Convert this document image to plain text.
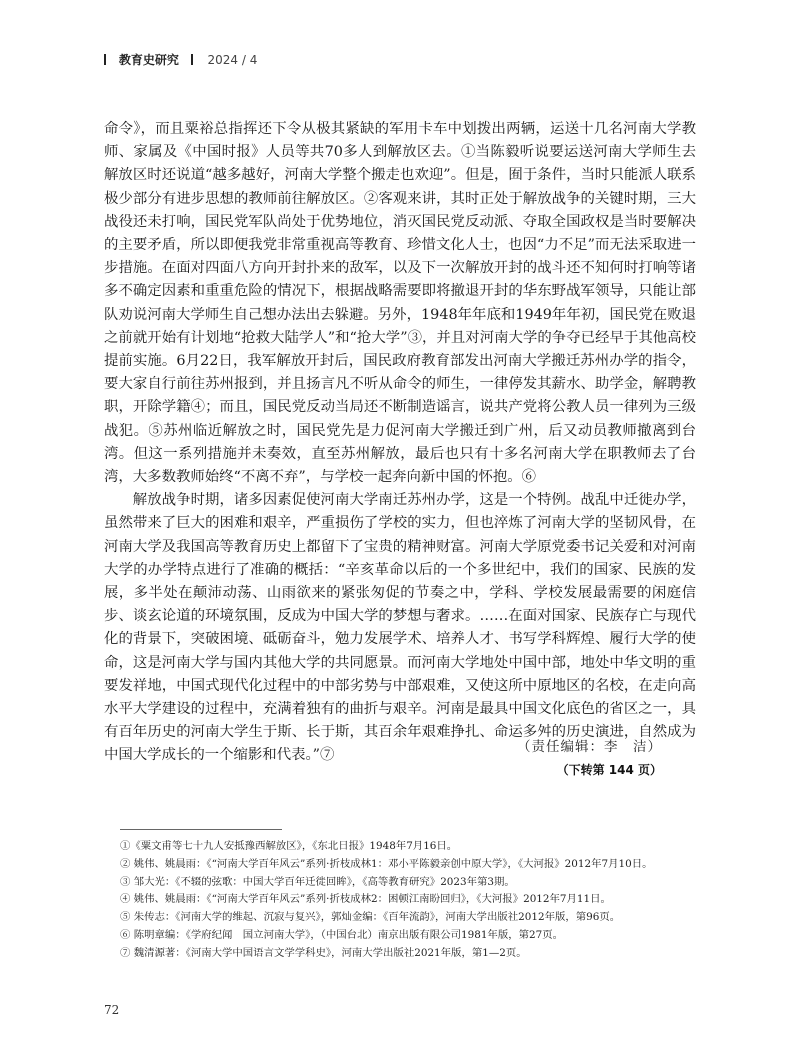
教育史研究 2024 / 4

命令》，而且粟裕总指挥还下令从极其紧缺的军用卡车中划拨出两辆，运送十几名河南大学教师、家属及《中国时报》人员等共70多人到解放区去。①当陈毅听说要运送河南大学师生去解放区时还说道“越多越好，河南大学整个搬走也欢迎”。但是，囿于条件，当时只能派人联系极少部分有进步思想的教师前往解放区。②客观来讲，其时正处于解放战争的关键时期，三大战役还未打响，国民党军队尚处于优势地位，消灭国民党反动派、夺取全国政权是当时要解决的主要矛盾，所以即便我党非常重视高等教育、珍惜文化人士，也因“力不足”而无法采取进一步措施。在面对四面八方向开封扑来的敌军，以及下一次解放开封的战斗还不知何时打响等诸多不确定因素和重重危险的情况下，根据战略需要即将撤退开封的华东野战军领导，只能让部队劝说河南大学师生自己想办法出去躲避。另外，1948年年底和1949年年初，国民党在败退之前就开始有计划地“抢救大陆学人”和“抢大学”③，并且对河南大学的争夺已经早于其他高校提前实施。6月22日，我军解放开封后，国民政府教育部发出河南大学搬迁苏州办学的指令，要大家自行前往苏州报到，并且扬言凡不听从命令的师生，一律停发其薪水、助学金，解聘教职，开除学籍④；而且，国民党反动当局还不断制造谣言，说共产党将公教人员一律列为三级战犯。⑤苏州临近解放之时，国民党先是力促河南大学搬迁到广州，后又动员教师撤离到台湾。但这一系列措施并未奏效，直至苏州解放，最后也只有十多名河南大学在职教师去了台湾，大多数教师始终“不离不弃”，与学校一起奔向新中国的怀抱。⑥

解放战争时期，诸多因素促使河南大学南迁苏州办学，这是一个特例。战乱中迁徙办学，虽然带来了巨大的困难和艰辛，严重损伤了学校的实力，但也淬炼了河南大学的坚韧风骨，在河南大学及我国高等教育历史上都留下了宝贵的精神财富。河南大学原党委书记关爱和对河南大学的办学特点进行了准确的概括：“辛亥革命以后的一个多世纪中，我们的国家、民族的发展，多半处在颠沛动荡、山雨欲来的紧张匆促的节奏之中，学科、学校发展最需要的闲庭信步、谈玄论道的环境氛围，反成为中国大学的梦想与奢求。……在面对国家、民族存亡与现代化的背景下，突破困境、砥砺奋斗，勉力发展学术、培养人才、书写学科辉煌、履行大学的使命，这是河南大学与国内其他大学的共同愿景。而河南大学地处中国中部，地处中华文明的重要发祥地，中国式现代化过程中的中部劣势与中部艰难，又使这所中原地区的名校，在走向高水平大学建设的过程中，充满着独有的曲折与艰辛。河南是最具中国文化底色的省区之一，具有百年历史的河南大学生于斯、长于斯，其百余年艰难挣扎、命运多舛的历史演进，自然成为中国大学成长的一个缩影和代表。”⑦

（责任编辑：李　洁）
（下转第 144 页）
①《粟文甫等七十九人安抵豫西解放区》，《东北日报》1948年7月16日。
② 姚伟、姚晨雨：《“河南大学百年风云”系列·折枝成林1：邓小平陈毅亲创中原大学》，《大河报》2012年7月10日。
③ 邹大光：《不辍的弦歌：中国大学百年迁徙回眸》，《高等教育研究》2023年第3期。
④ 姚伟、姚晨雨：《“河南大学百年风云”系列·折枝成林2：困顿江南盼回归》，《大河报》2012年7月11日。
⑤ 朱传志：《河南大学的维起、沉寂与复兴》，郭灿金编：《百年流韵》，河南大学出版社2012年版，第96页。
⑥ 陈明章编：《学府纪闻　国立河南大学》，（中国台北）南京出版有限公司1981年版，第27页。
⑦ 魏清源著：《河南大学中国语言文学学科史》，河南大学出版社2021年版，第1—2页。
72
